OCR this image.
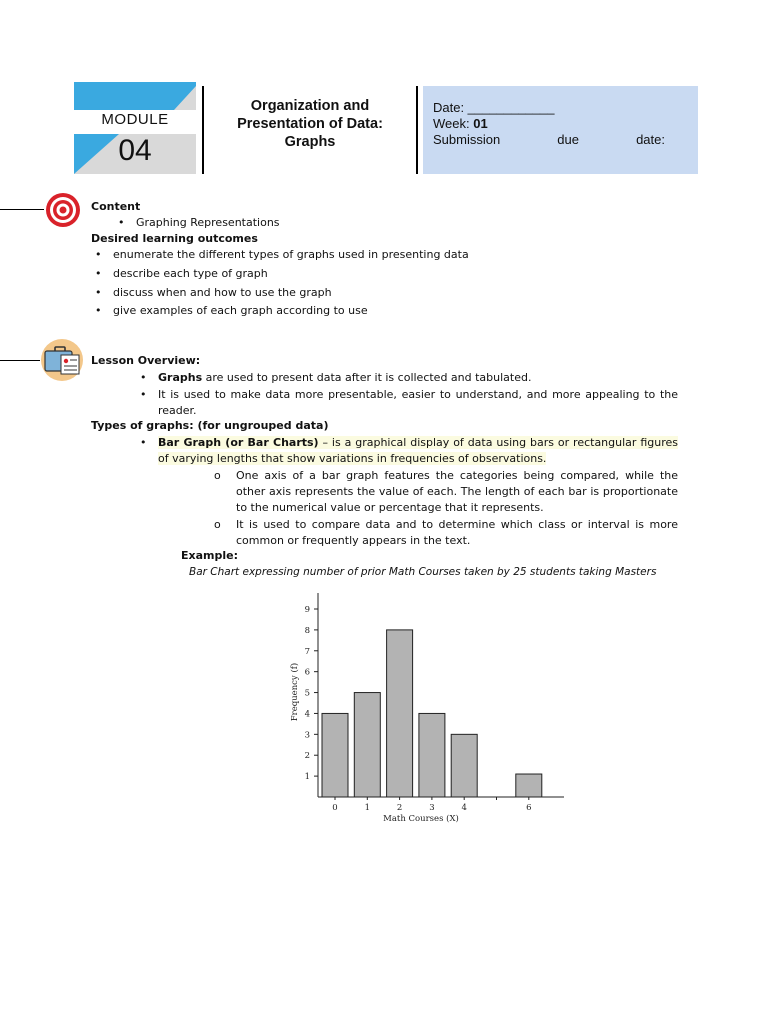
MODULE
04
Organization and Presentation of Data: Graphs
Date: ____________
Week: 01
Submission	due	date:
Content
• Graphing Representations
Desired learning outcomes
• enumerate the different types of graphs used in presenting data
• describe each type of graph
• discuss when and how to use the graph
• give examples of each graph according to use
Lesson Overview:
• Graphs are used to present data after it is collected and tabulated.
• It is used to make data more presentable, easier to understand, and more appealing to the reader.
Types of graphs: (for ungrouped data)
• Bar Graph (or Bar Charts) – is a graphical display of data using bars or rectangular figures of varying lengths that show variations in frequencies of observations.
o One axis of a bar graph features the categories being compared, while the other axis represents the value of each. The length of each bar is proportionate to the numerical value or percentage that it represents.
o It is used to compare data and to determine which class or interval is more common or frequently appears in the text.
Example:
Bar Chart expressing number of prior Math Courses taken by 25 students taking Masters
1
2
3
4
5
6
7
8
9
0	1	2	3	4	6
Math Courses (X)
Frequency (f)
